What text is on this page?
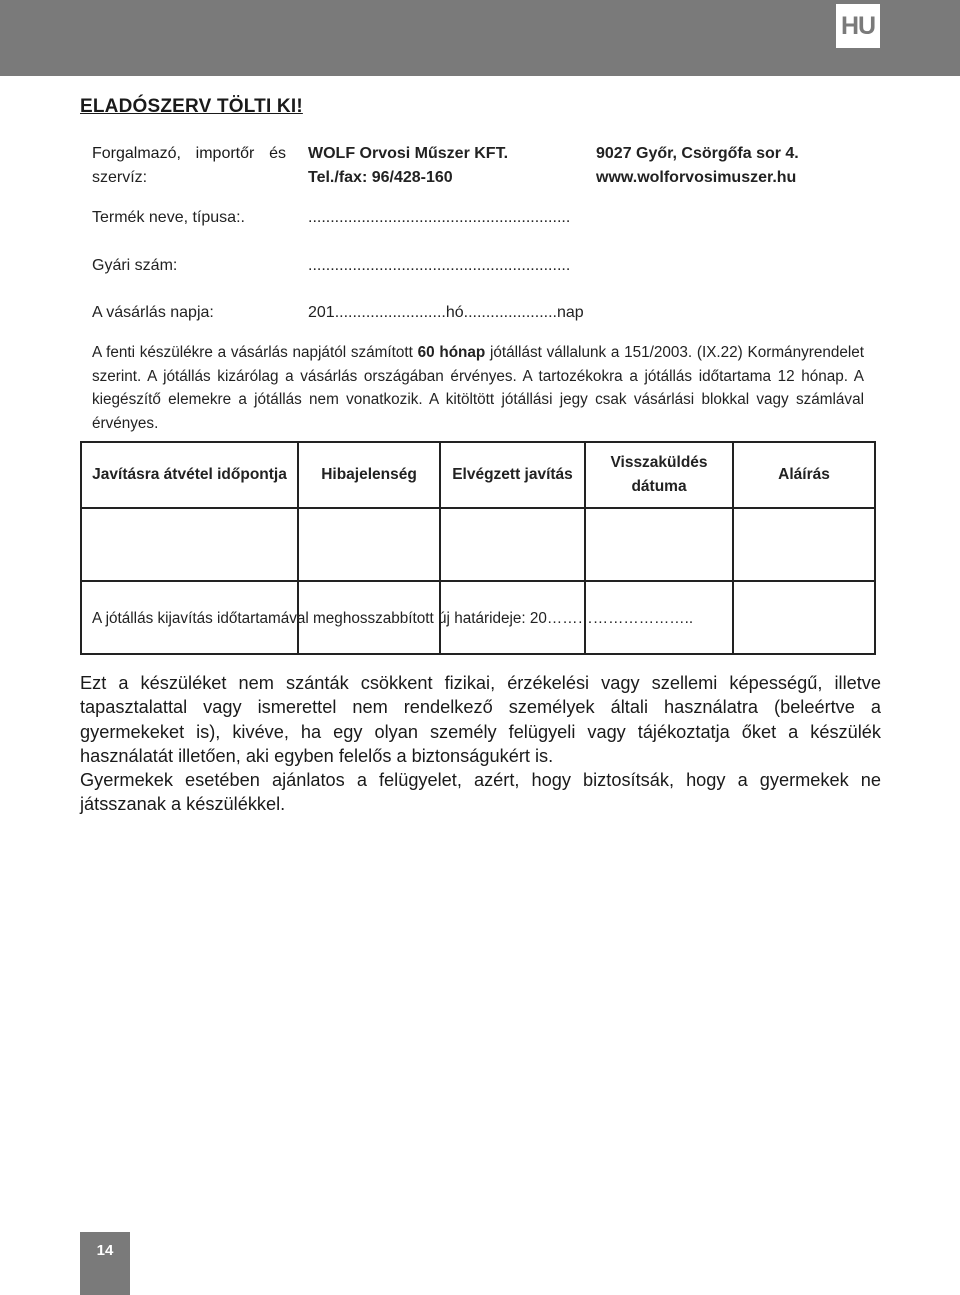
HU
ELADÓSZERV TÖLTI KI!
Forgalmazó, importőr és
szervíz:
WOLF Orvosi Műszer KFT.	9027 Győr, Csörgőfa sor 4.
Tel./fax: 96/428-160	www.wolforvosimuszer.hu
Termék neve, típusa:.	...........................................................
Gyári szám:	...........................................................
A vásárlás napja:	201.........................hó.....................nap
A fenti készülékre a vásárlás napjától számított 60 hónap jótállást vállalunk a 151/2003. (IX.22) Kormányrendelet szerint. A jótállás kizárólag a vásárlás országában érvényes. A tartozékokra a jótállás időtartama 12 hónap. A kiegészítő elemekre a jótállás nem vonatkozik. A kitöltött jótállási jegy csak vásárlási blokkal vagy számlával érvényes.
Javításra átvétel időpontja	Hibajelenség	Elvégzett javítás	Visszaküldés dátuma	Aláírás

A jótállás kijavítás időtartamával meghosszabbított új határideje: 20………………………..

Ezt a készüléket nem szánták csökkent fizikai, érzékelési vagy szellemi képességű, illetve tapasztalattal vagy ismerettel nem rendelkező személyek általi használatra (beleértve a gyermekeket is), kivéve, ha egy olyan személy felügyeli vagy tájékoztatja őket a készülék használatát illetően, aki egyben felelős a biztonságukért is.

Gyermekek esetében ajánlatos a felügyelet, azért, hogy biztosítsák, hogy a gyermekek ne játsszanak a készülékkel.

14
